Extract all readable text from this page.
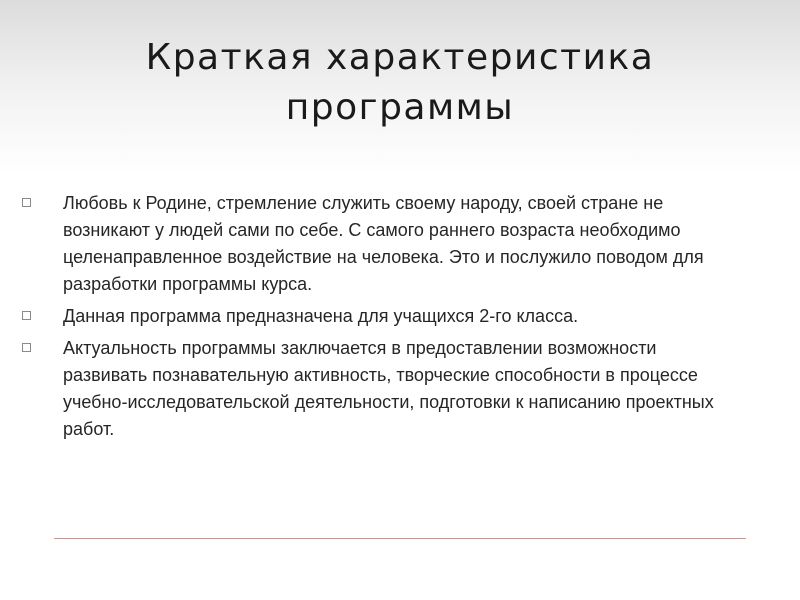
Краткая характеристика программы
Любовь к Родине, стремление служить своему народу, своей стране не возникают у людей сами по себе. С самого раннего возраста необходимо целенаправленное воздействие на человека. Это и послужило поводом для разработки программы курса.
Данная программа предназначена для учащихся 2-го класса.
Актуальность программы заключается в предоставлении возможности развивать познавательную активность, творческие способности в процессе учебно-исследовательской деятельности, подготовки к написанию проектных работ.
